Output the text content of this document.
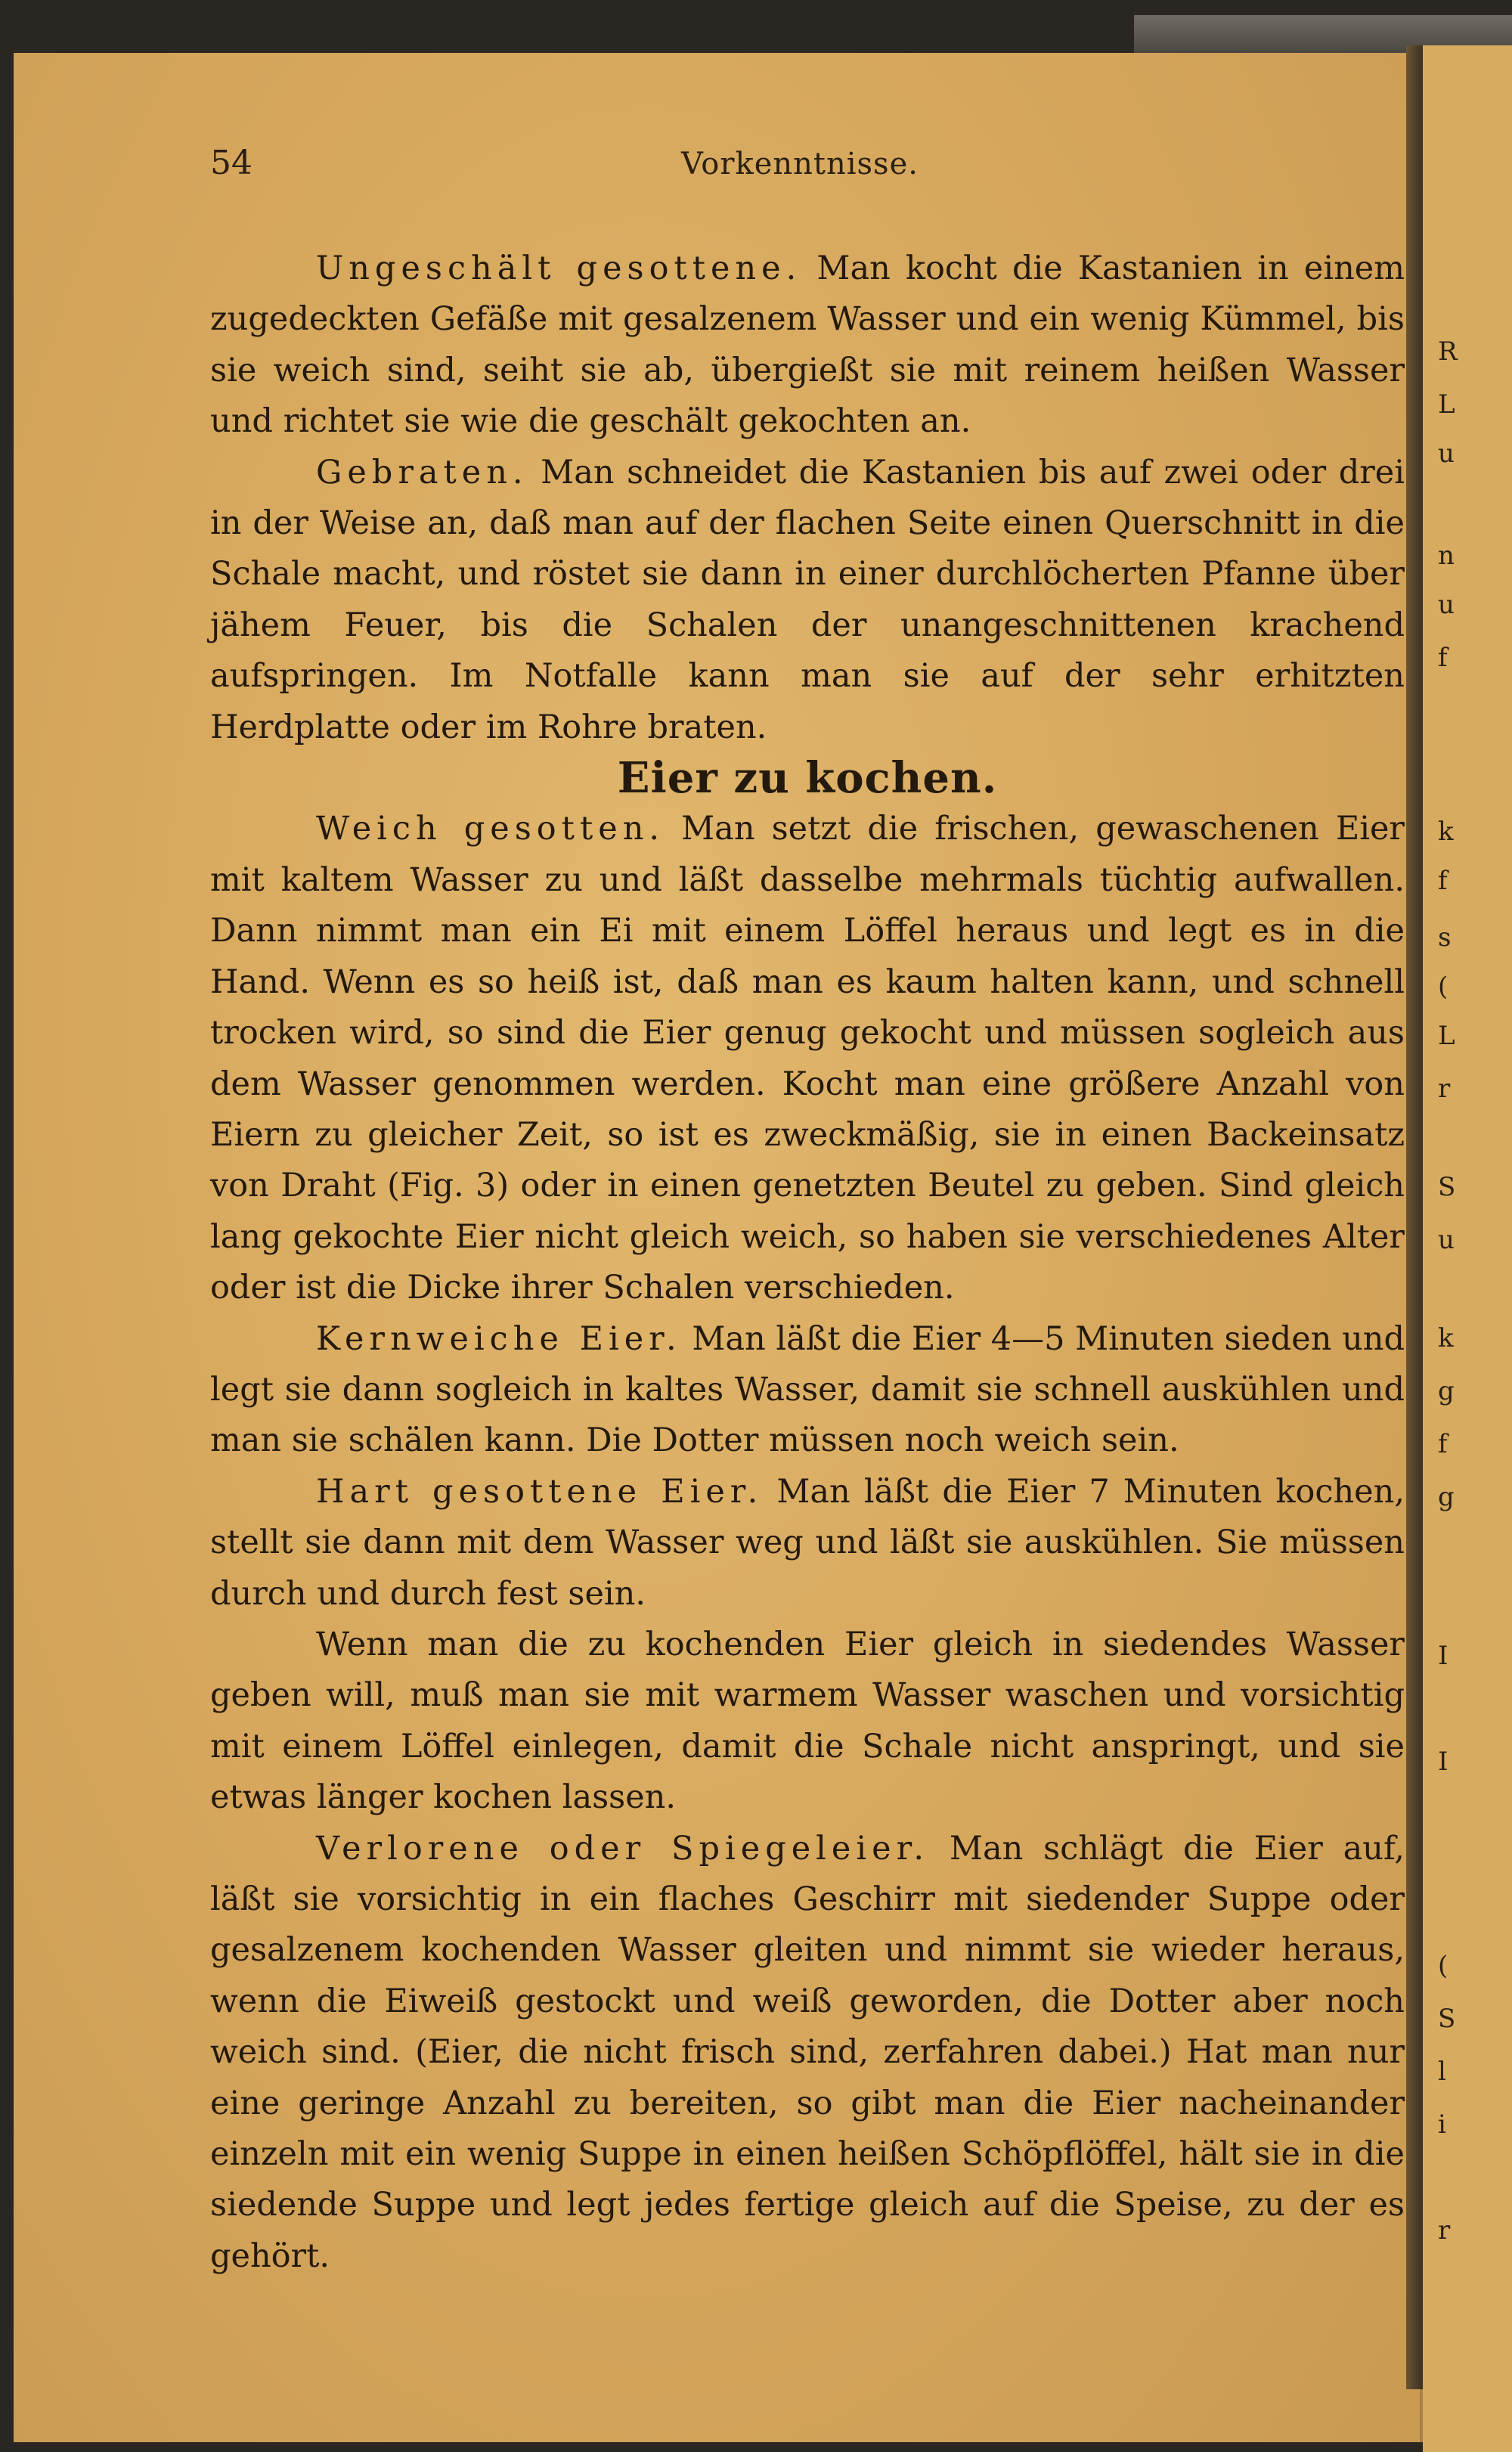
R
L
u
n
u
f
k
f
s
(
L
r
S
u
k
g
f
g
I
I
(
S
l
i
r
54	Vorkenntnisse.

Ungeschält gesottene. Man kocht die Kastanien in einem zugedeckten Gefäße mit gesalzenem Wasser und ein wenig Kümmel, bis sie weich sind, seiht sie ab, übergießt sie mit reinem heißen Wasser und richtet sie wie die geschält gekochten an.

Gebraten. Man schneidet die Kastanien bis auf zwei oder drei in der Weise an, daß man auf der flachen Seite einen Querschnitt in die Schale macht, und röstet sie dann in einer durchlöcherten Pfanne über jähem Feuer, bis die Schalen der unangeschnittenen krachend aufspringen. Im Notfalle kann man sie auf der sehr erhitzten Herdplatte oder im Rohre braten.

Eier zu kochen.

Weich gesotten. Man setzt die frischen, gewaschenen Eier mit kaltem Wasser zu und läßt dasselbe mehrmals tüchtig aufwallen. Dann nimmt man ein Ei mit einem Löffel heraus und legt es in die Hand. Wenn es so heiß ist, daß man es kaum halten kann, und schnell trocken wird, so sind die Eier genug gekocht und müssen sogleich aus dem Wasser genommen werden. Kocht man eine größere Anzahl von Eiern zu gleicher Zeit, so ist es zweckmäßig, sie in einen Backeinsatz von Draht (Fig. 3) oder in einen genetzten Beutel zu geben. Sind gleich lang gekochte Eier nicht gleich weich, so haben sie verschiedenes Alter oder ist die Dicke ihrer Schalen verschieden.

Kernweiche Eier. Man läßt die Eier 4—5 Minuten sieden und legt sie dann sogleich in kaltes Wasser, damit sie schnell auskühlen und man sie schälen kann. Die Dotter müssen noch weich sein.

Hart gesottene Eier. Man läßt die Eier 7 Minuten kochen, stellt sie dann mit dem Wasser weg und läßt sie auskühlen. Sie müssen durch und durch fest sein.

Wenn man die zu kochenden Eier gleich in siedendes Wasser geben will, muß man sie mit warmem Wasser waschen und vorsichtig mit einem Löffel einlegen, damit die Schale nicht anspringt, und sie etwas länger kochen lassen.

Verlorene oder Spiegeleier. Man schlägt die Eier auf, läßt sie vorsichtig in ein flaches Geschirr mit siedender Suppe oder gesalzenem kochenden Wasser gleiten und nimmt sie wieder heraus, wenn die Eiweiß gestockt und weiß geworden, die Dotter aber noch weich sind. (Eier, die nicht frisch sind, zerfahren dabei.) Hat man nur eine geringe Anzahl zu bereiten, so gibt man die Eier nacheinander einzeln mit ein wenig Suppe in einen heißen Schöpflöffel, hält sie in die siedende Suppe und legt jedes fertige gleich auf die Speise, zu der es gehört.
